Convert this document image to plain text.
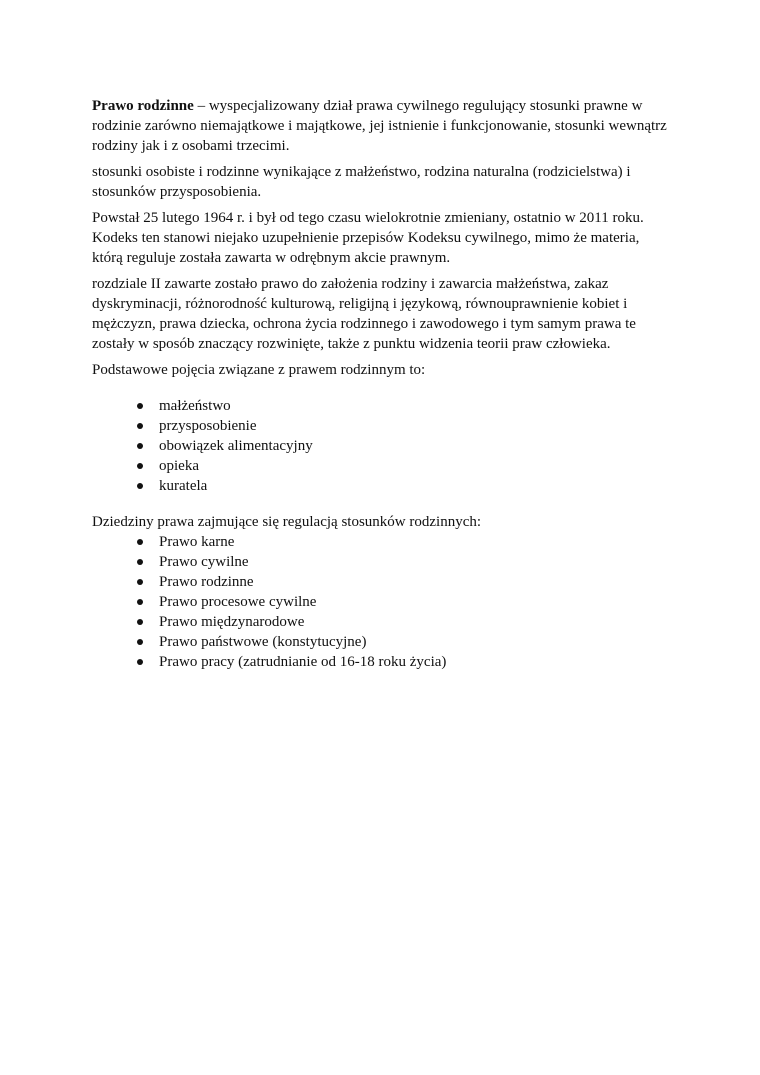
Prawo rodzinne – wyspecjalizowany dział prawa cywilnego regulujący stosunki prawne w rodzinie zarówno niemajątkowe i majątkowe, jej istnienie i funkcjonowanie, stosunki wewnątrz rodziny jak i z osobami trzecimi.

stosunki osobiste i rodzinne wynikające z małżeństwo, rodzina naturalna (rodzicielstwa) i stosunków przysposobienia.

Powstał 25 lutego 1964 r. i był od tego czasu wielokrotnie zmieniany, ostatnio w 2011 roku. Kodeks ten stanowi niejako uzupełnienie przepisów Kodeksu cywilnego, mimo że materia, którą reguluje została zawarta w odrębnym akcie prawnym.

rozdziale II zawarte zostało prawo do założenia rodziny i zawarcia małżeństwa, zakaz dyskryminacji, różnorodność kulturową, religijną i językową, równouprawnienie kobiet i mężczyzn, prawa dziecka, ochrona życia rodzinnego i zawodowego i tym samym prawa te zostały w sposób znaczący rozwinięte, także z punktu widzenia teorii praw człowieka.

Podstawowe pojęcia związane z prawem rodzinnym to:

małżeństwo
przysposobienie
obowiązek alimentacyjny
opieka
kuratela

Dziedziny prawa zajmujące się regulacją stosunków rodzinnych:

Prawo karne
Prawo cywilne
Prawo rodzinne
Prawo procesowe cywilne
Prawo międzynarodowe
Prawo państwowe (konstytucyjne)
Prawo pracy (zatrudnianie od 16-18 roku życia)
